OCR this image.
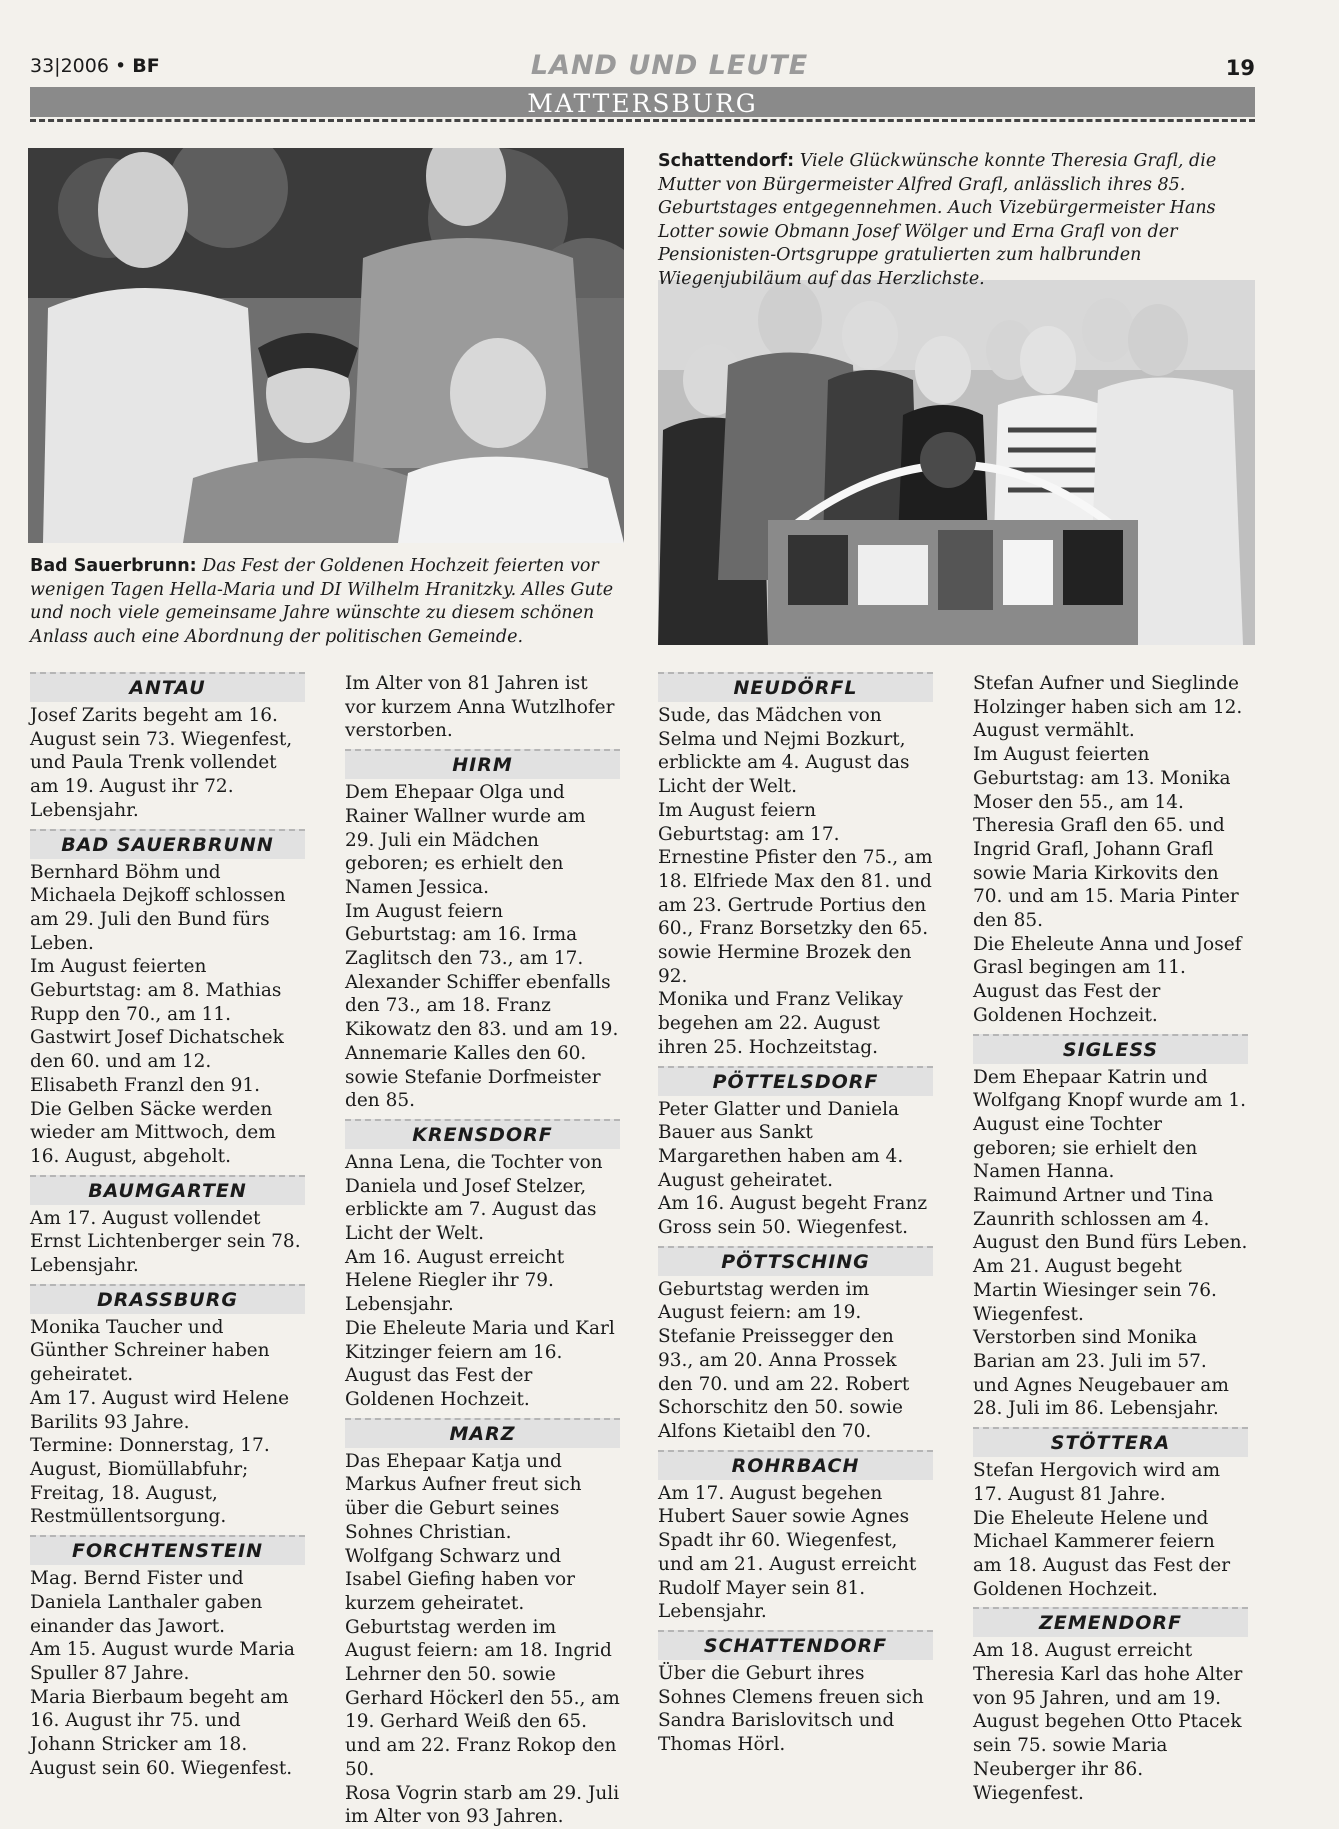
33|2006 • BF	LAND UND LEUTE	19
MATTERSBURG
Schattendorf: Viele Glückwünsche konnte Theresia Grafl, die Mutter von Bürgermeister Alfred Grafl, anlässlich ihres 85. Geburtstages entgegennehmen. Auch Vizebürgermeister Hans Lotter sowie Obmann Josef Wölger und Erna Grafl von der Pensionisten-Ortsgruppe gratulierten zum halbrunden Wiegenjubiläum auf das Herzlichste.
Bad Sauerbrunn: Das Fest der Goldenen Hochzeit feierten vor wenigen Tagen Hella-Maria und DI Wilhelm Hranitzky. Alles Gute und noch viele gemeinsame Jahre wünschte zu diesem schönen Anlass auch eine Abordnung der politischen Gemeinde.
ANTAU

Josef Zarits begeht am 16. August sein 73. Wiegenfest, und Paula Trenk vollendet am 19. August ihr 72. Lebensjahr.

BAD SAUERBRUNN

Bernhard Böhm und Michaela Dejkoff schlossen am 29. Juli den Bund fürs Leben.

Im August feierten Geburtstag: am 8. Mathias Rupp den 70., am 11. Gastwirt Josef Dichatschek den 60. und am 12. Elisabeth Franzl den 91.

Die Gelben Säcke werden wieder am Mittwoch, dem 16. August, abgeholt.

BAUMGARTEN

Am 17. August vollendet Ernst Lichtenberger sein 78. Lebensjahr.

DRASSBURG

Monika Taucher und Günther Schreiner haben geheiratet.

Am 17. August wird Helene Barilits 93 Jahre.

Termine: Donnerstag, 17. August, Biomüllabfuhr; Freitag, 18. August, Restmüllentsorgung.

FORCHTENSTEIN

Mag. Bernd Fister und Daniela Lanthaler gaben einander das Jawort.

Am 15. August wurde Maria Spuller 87 Jahre.

Maria Bierbaum begeht am 16. August ihr 75. und Johann Stricker am 18. August sein 60. Wiegenfest.

Im Alter von 81 Jahren ist vor kurzem Anna Wutzlhofer verstorben.

HIRM

Dem Ehepaar Olga und Rainer Wallner wurde am 29. Juli ein Mädchen geboren; es erhielt den Namen Jessica.

Im August feiern Geburtstag: am 16. Irma Zaglitsch den 73., am 17. Alexander Schiffer ebenfalls den 73., am 18. Franz Kikowatz den 83. und am 19. Annemarie Kalles den 60. sowie Stefanie Dorfmeister den 85.

KRENSDORF

Anna Lena, die Tochter von Daniela und Josef Stelzer, erblickte am 7. August das Licht der Welt.

Am 16. August erreicht Helene Riegler ihr 79. Lebensjahr.

Die Eheleute Maria und Karl Kitzinger feiern am 16. August das Fest der Goldenen Hochzeit.

MARZ

Das Ehepaar Katja und Markus Aufner freut sich über die Geburt seines Sohnes Christian.

Wolfgang Schwarz und Isabel Giefing haben vor kurzem geheiratet.

Geburtstag werden im August feiern: am 18. Ingrid Lehrner den 50. sowie Gerhard Höckerl den 55., am 19. Gerhard Weiß den 65. und am 22. Franz Rokop den 50.

Rosa Vogrin starb am 29. Juli im Alter von 93 Jahren.

NEUDÖRFL

Sude, das Mädchen von Selma und Nejmi Bozkurt, erblickte am 4. August das Licht der Welt.

Im August feiern Geburtstag: am 17. Ernestine Pfister den 75., am 18. Elfriede Max den 81. und am 23. Gertrude Portius den 60., Franz Borsetzky den 65. sowie Hermine Brozek den 92.

Monika und Franz Velikay begehen am 22. August ihren 25. Hochzeitstag.

PÖTTELSDORF

Peter Glatter und Daniela Bauer aus Sankt Margarethen haben am 4. August geheiratet.

Am 16. August begeht Franz Gross sein 50. Wiegenfest.

PÖTTSCHING

Geburtstag werden im August feiern: am 19. Stefanie Preissegger den 93., am 20. Anna Prossek den 70. und am 22. Robert Schorschitz den 50. sowie Alfons Kietaibl den 70.

ROHRBACH

Am 17. August begehen Hubert Sauer sowie Agnes Spadt ihr 60. Wiegenfest, und am 21. August erreicht Rudolf Mayer sein 81. Lebensjahr.

SCHATTENDORF

Über die Geburt ihres Sohnes Clemens freuen sich Sandra Barislovitsch und Thomas Hörl.

Stefan Aufner und Sieglinde Holzinger haben sich am 12. August vermählt.

Im August feierten Geburtstag: am 13. Monika Moser den 55., am 14. Theresia Grafl den 65. und Ingrid Grafl, Johann Grafl sowie Maria Kirkovits den 70. und am 15. Maria Pinter den 85.

Die Eheleute Anna und Josef Grasl begingen am 11. August das Fest der Goldenen Hochzeit.

SIGLESS

Dem Ehepaar Katrin und Wolfgang Knopf wurde am 1. August eine Tochter geboren; sie erhielt den Namen Hanna.

Raimund Artner und Tina Zaunrith schlossen am 4. August den Bund fürs Leben.

Am 21. August begeht Martin Wiesinger sein 76. Wiegenfest.

Verstorben sind Monika Barian am 23. Juli im 57. und Agnes Neugebauer am 28. Juli im 86. Lebensjahr.

STÖTTERA

Stefan Hergovich wird am 17. August 81 Jahre.

Die Eheleute Helene und Michael Kammerer feiern am 18. August das Fest der Goldenen Hochzeit.

ZEMENDORF

Am 18. August erreicht Theresia Karl das hohe Alter von 95 Jahren, und am 19. August begehen Otto Ptacek sein 75. sowie Maria Neuberger ihr 86. Wiegenfest.
